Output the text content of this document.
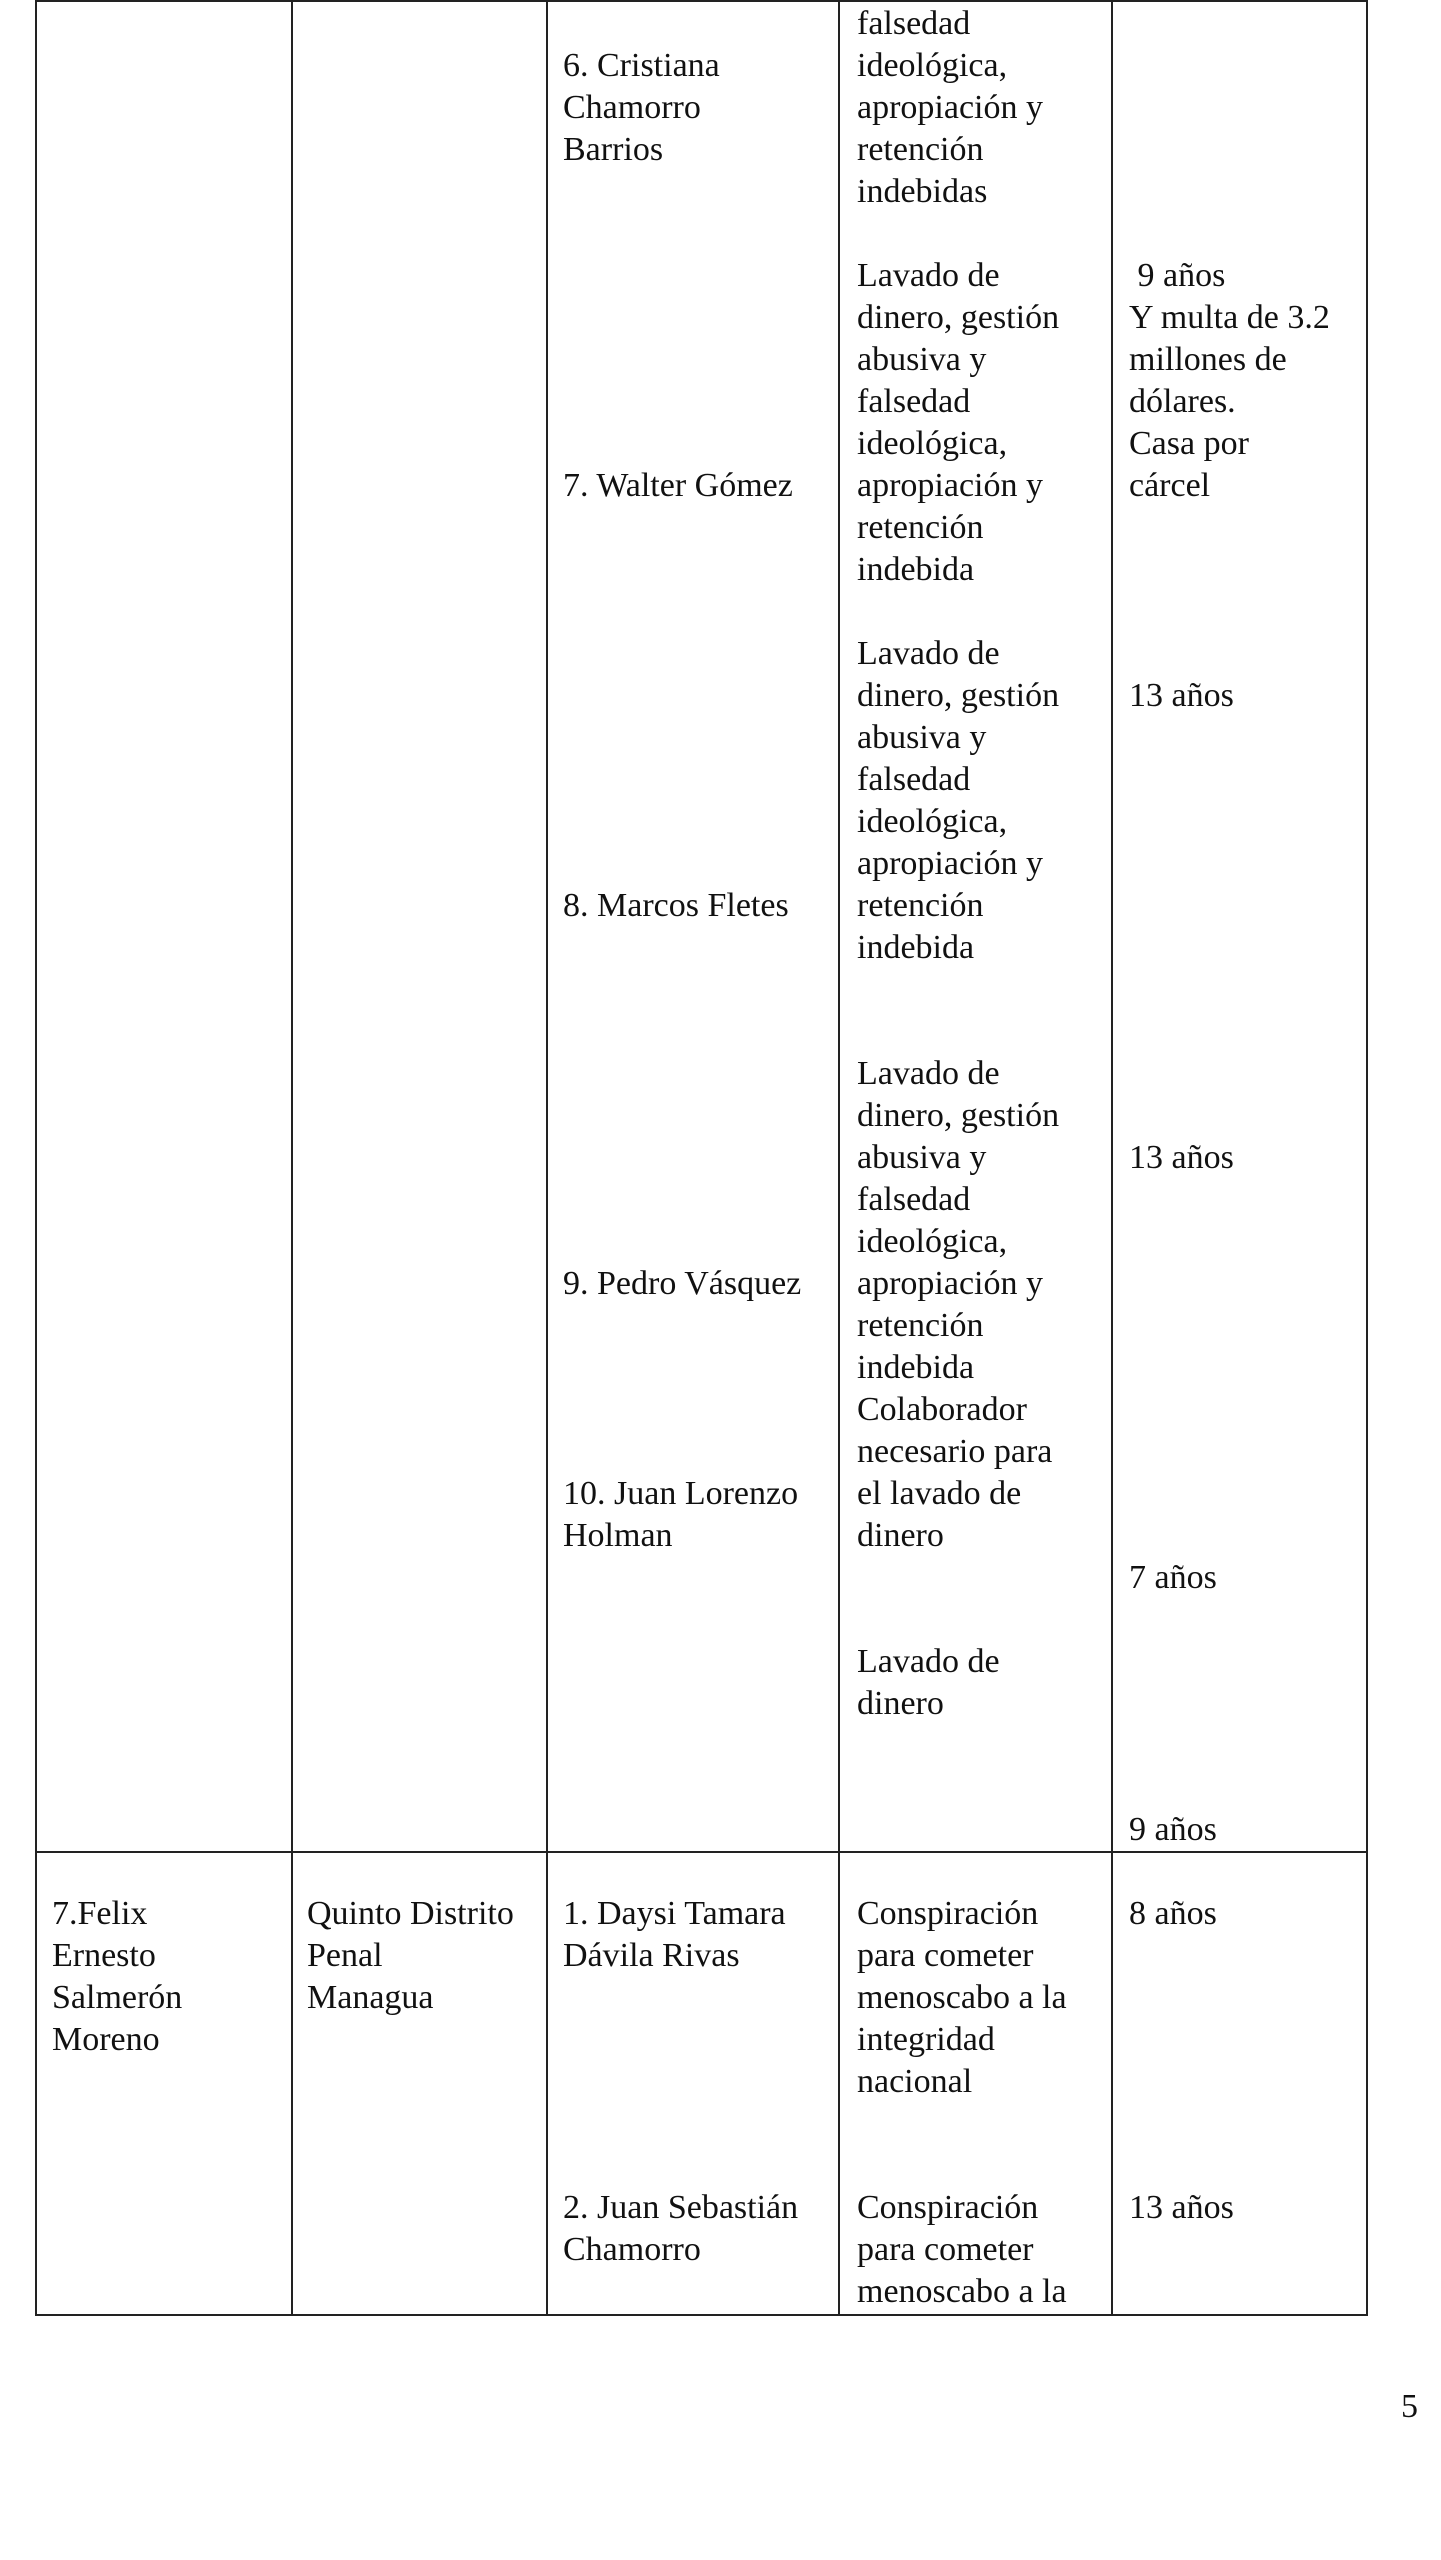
6. Cristiana
Chamorro
Barrios
7. Walter Gómez
8. Marcos Fletes
9. Pedro Vásquez
10. Juan Lorenzo
Holman
falsedad
ideológica,
apropiación y
retención
indebidas
Lavado de
dinero, gestión
abusiva y
falsedad
ideológica,
apropiación y
retención
indebida
Lavado de
dinero, gestión
abusiva y
falsedad
ideológica,
apropiación y
retención
indebida
Lavado de
dinero, gestión
abusiva y
falsedad
ideológica,
apropiación y
retención
indebida
Colaborador
necesario para
el lavado de
dinero
Lavado de
dinero
9 años
Y multa de 3.2
millones de
dólares.
Casa por
cárcel
13 años
13 años
7 años
9 años
7.Felix
Ernesto
Salmerón
Moreno
Quinto Distrito
Penal
Managua
1. Daysi Tamara
Dávila Rivas
2. Juan Sebastián
Chamorro
Conspiración
para cometer
menoscabo a la
integridad
nacional
Conspiración
para cometer
menoscabo a la
8 años
13 años
5
